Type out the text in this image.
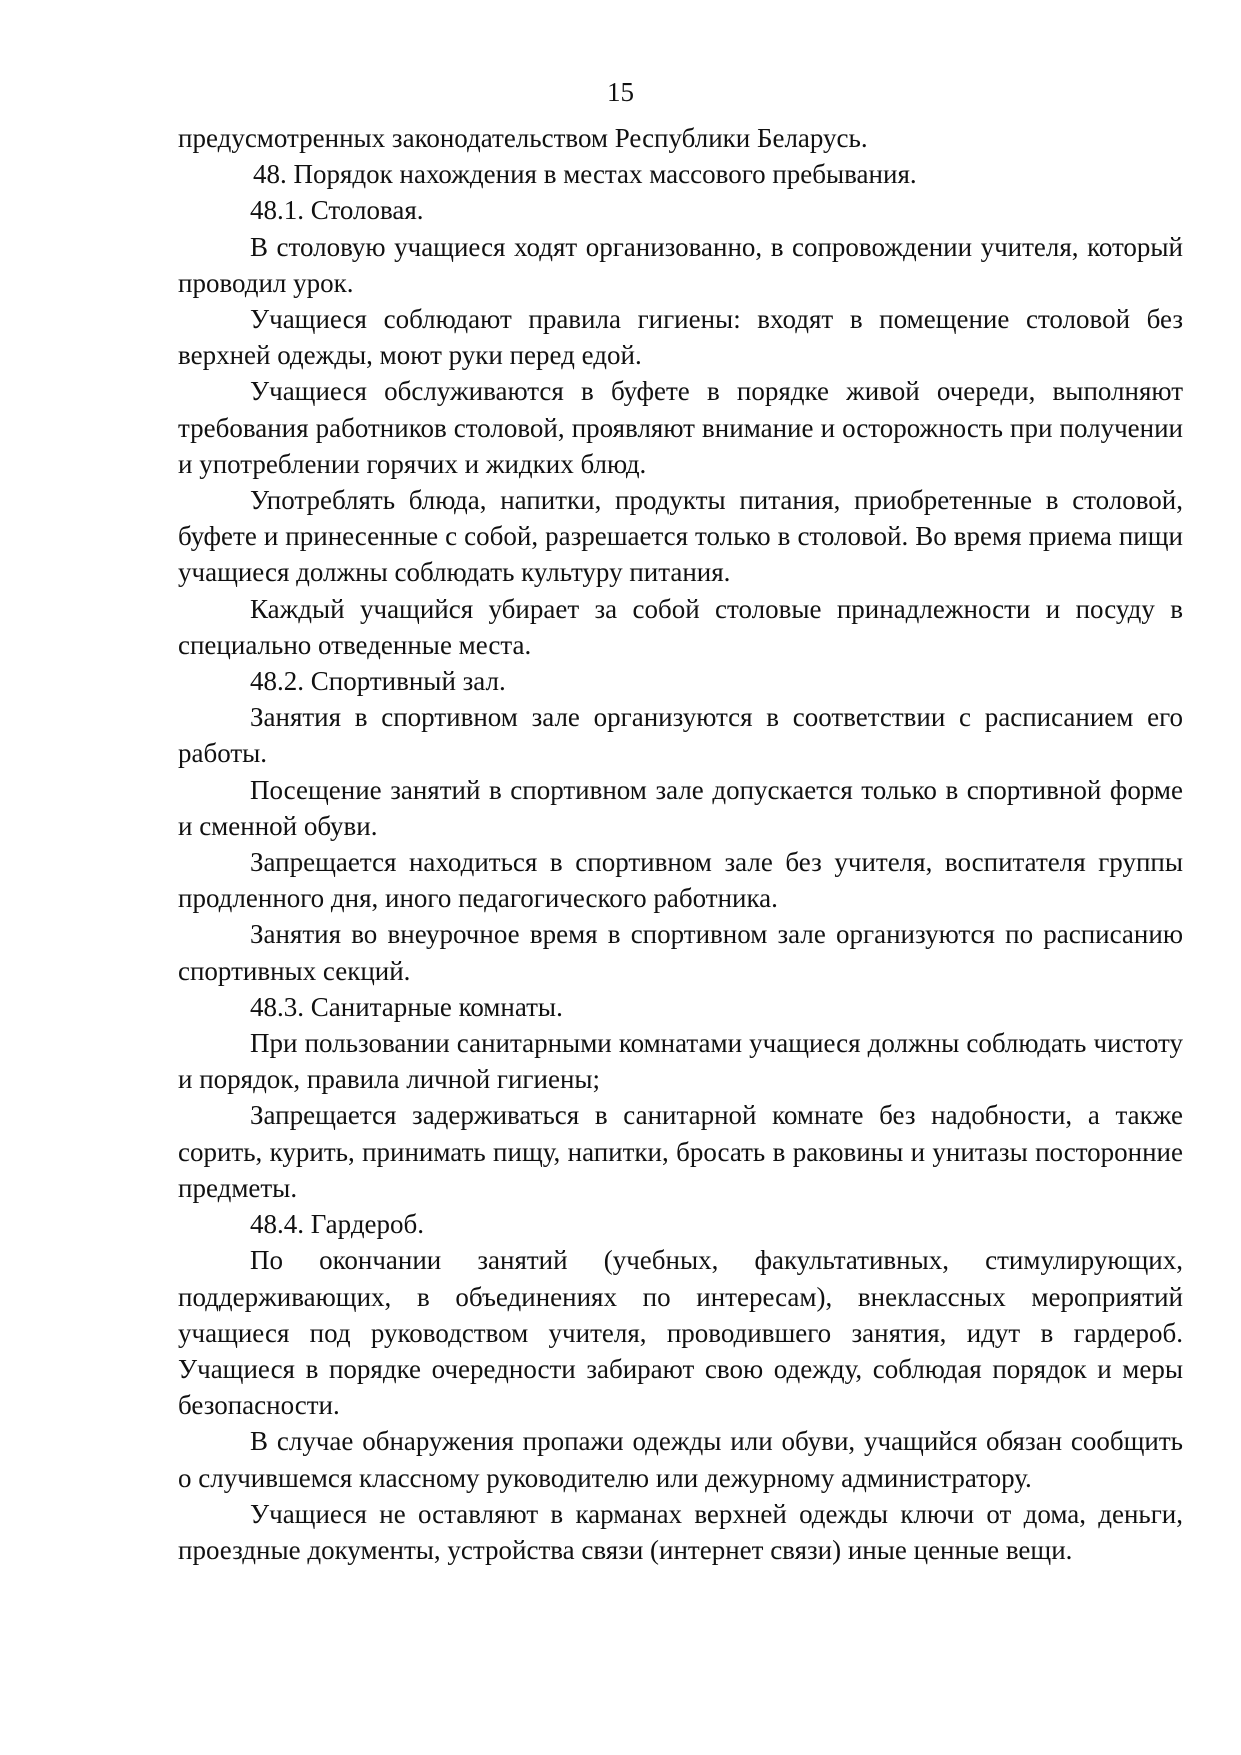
15

предусмотренных законодательством Республики Беларусь.

48. Порядок нахождения в местах массового пребывания.

48.1. Столовая.

В столовую учащиеся ходят организованно, в сопровождении учителя, который проводил урок.

Учащиеся соблюдают правила гигиены: входят в помещение столовой без верхней одежды, моют руки перед едой.

Учащиеся обслуживаются в буфете в порядке живой очереди, выполняют требования работников столовой, проявляют внимание и осторожность при получении и употреблении горячих и жидких блюд.

Употреблять блюда, напитки, продукты питания, приобретенные в столовой, буфете и принесенные с собой, разрешается только в столовой. Во время приема пищи учащиеся должны соблюдать культуру питания.

Каждый учащийся убирает за собой столовые принадлежности и посуду в специально отведенные места.

48.2. Спортивный зал.

Занятия в спортивном зале организуются в соответствии с расписанием его работы.

Посещение занятий в спортивном зале допускается только в спортивной форме и сменной обуви.

Запрещается находиться в спортивном зале без учителя, воспитателя группы продленного дня, иного педагогического работника.

Занятия во внеурочное время в спортивном зале организуются по расписанию спортивных секций.

48.3. Санитарные комнаты.

При пользовании санитарными комнатами учащиеся должны соблюдать чистоту и порядок, правила личной гигиены;

Запрещается задерживаться в санитарной комнате без надобности, а также сорить, курить, принимать пищу, напитки, бросать в раковины и унитазы посторонние предметы.

48.4. Гардероб.

По окончании занятий (учебных, факультативных, стимулирующих, поддерживающих, в объединениях по интересам), внеклассных мероприятий учащиеся под руководством учителя, проводившего занятия, идут в гардероб. Учащиеся в порядке очередности забирают свою одежду, соблюдая порядок и меры безопасности.

В случае обнаружения пропажи одежды или обуви, учащийся обязан сообщить о случившемся классному руководителю или дежурному администратору.

Учащиеся не оставляют в карманах верхней одежды ключи от дома, деньги, проездные документы, устройства связи (интернет связи) иные ценные вещи.
